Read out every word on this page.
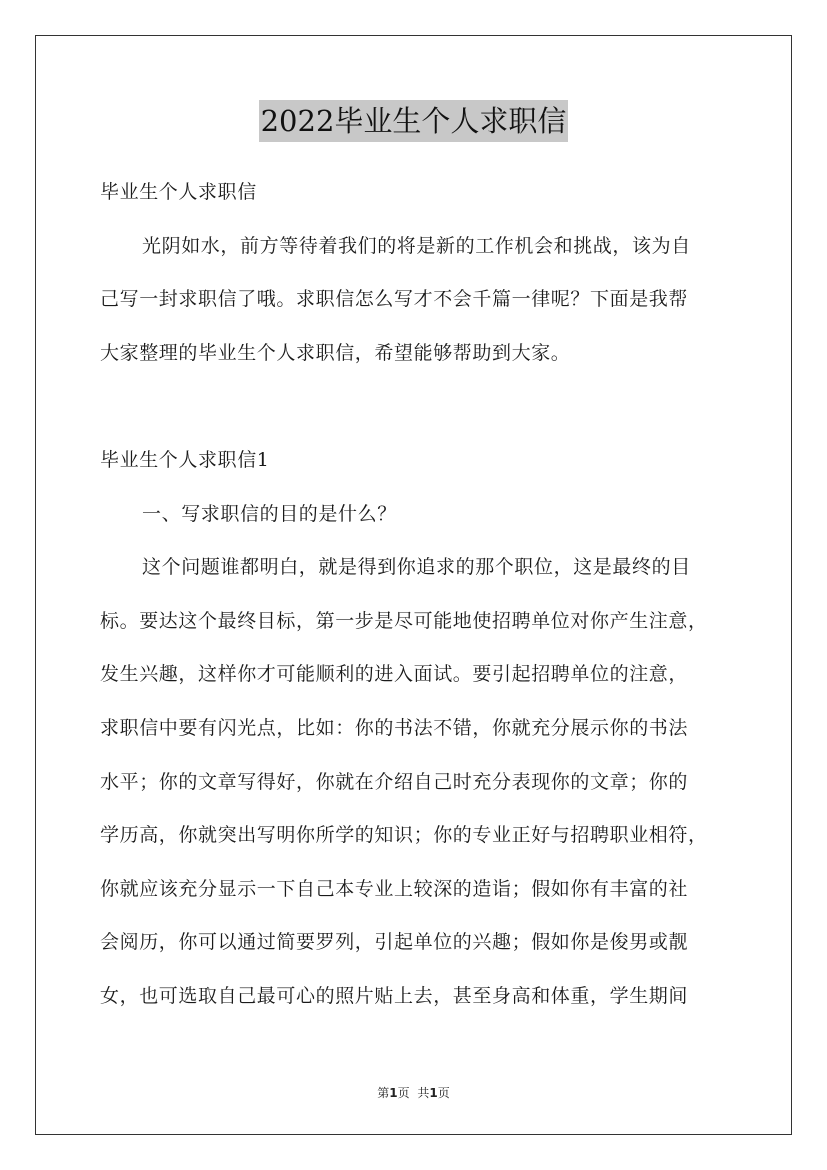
2022毕业生个人求职信
毕业生个人求职信
光阴如水，前方等待着我们的将是新的工作机会和挑战，该为自
己写一封求职信了哦。求职信怎么写才不会千篇一律呢？下面是我帮
大家整理的毕业生个人求职信，希望能够帮助到大家。
毕业生个人求职信1
一、写求职信的目的是什么？
这个问题谁都明白，就是得到你追求的那个职位，这是最终的目
标。要达这个最终目标，第一步是尽可能地使招聘单位对你产生注意，
发生兴趣，这样你才可能顺利的进入面试。要引起招聘单位的注意，
求职信中要有闪光点，比如：你的书法不错，你就充分展示你的书法
水平；你的文章写得好，你就在介绍自己时充分表现你的文章；你的
学历高，你就突出写明你所学的知识；你的专业正好与招聘职业相符，
你就应该充分显示一下自己本专业上较深的造诣；假如你有丰富的社
会阅历，你可以通过简要罗列，引起单位的兴趣；假如你是俊男或靓
女，也可选取自己最可心的照片贴上去，甚至身高和体重，学生期间
第1页 共1页
